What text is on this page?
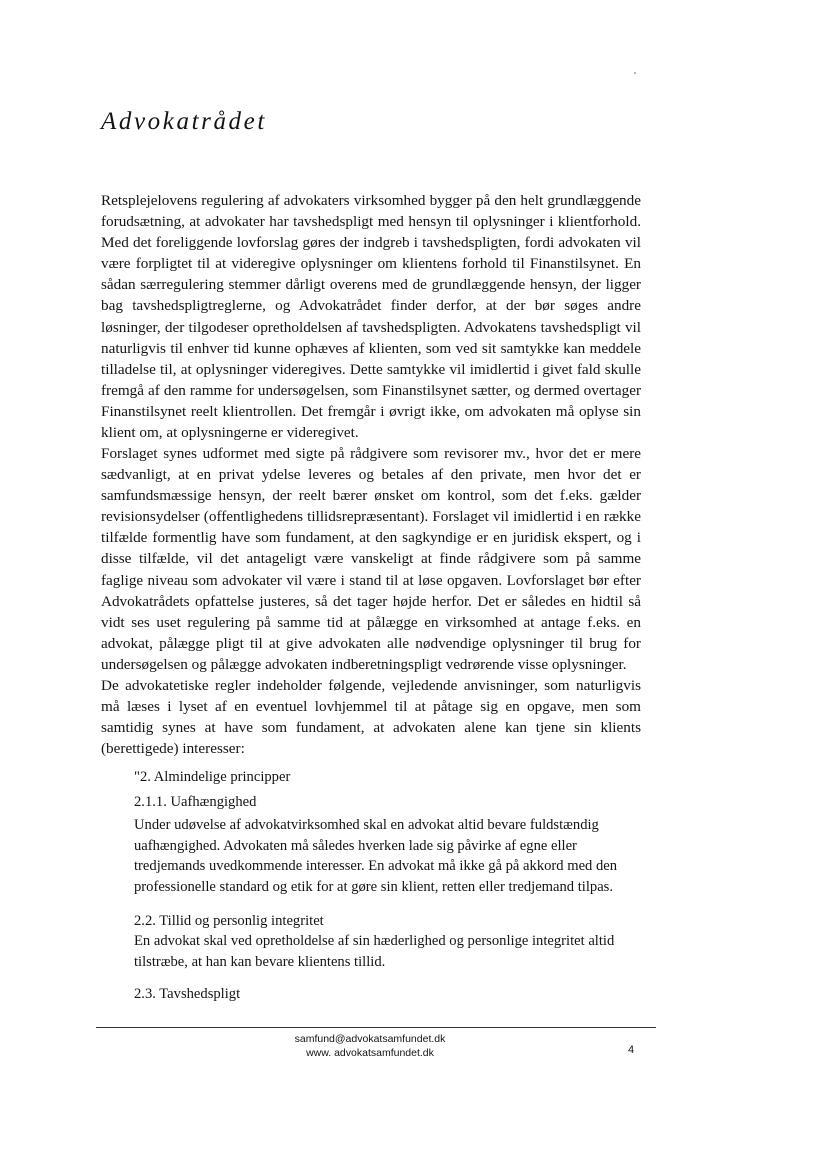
Advokatrådet

Retsplejelovens regulering af advokaters virksomhed bygger på den helt grundlæggende forudsætning, at advokater har tavshedspligt med hensyn til oplysninger i klientforhold. Med det foreliggende lovforslag gøres der indgreb i tavshedspligten, fordi advokaten vil være forpligtet til at videregive oplysninger om klientens forhold til Finanstilsynet. En sådan særregulering stemmer dårligt overens med de grundlæggende hensyn, der ligger bag tavshedspligtreglerne, og Advokatrådet finder derfor, at der bør søges andre løsninger, der tilgodeser opretholdelsen af tavshedspligten. Advokatens tavshedspligt vil naturligvis til enhver tid kunne ophæves af klienten, som ved sit samtykke kan meddele tilladelse til, at oplysninger videregives. Dette samtykke vil imidlertid i givet fald skulle fremgå af den ramme for undersøgelsen, som Finanstilsynet sætter, og dermed overtager Finanstilsynet reelt klientrollen. Det fremgår i øvrigt ikke, om advokaten må oplyse sin klient om, at oplysningerne er videregivet.

Forslaget synes udformet med sigte på rådgivere som revisorer mv., hvor det er mere sædvanligt, at en privat ydelse leveres og betales af den private, men hvor det er samfundsmæssige hensyn, der reelt bærer ønsket om kontrol, som det f.eks. gælder revisionsydelser (offentlighedens tillidsrepræsentant). Forslaget vil imidlertid i en række tilfælde formentlig have som fundament, at den sagkyndige er en juridisk ekspert, og i disse tilfælde, vil det antageligt være vanskeligt at finde rådgivere som på samme faglige niveau som advokater vil være i stand til at løse opgaven. Lovforslaget bør efter Advokatrådets opfattelse justeres, så det tager højde herfor. Det er således en hidtil så vidt ses uset regulering på samme tid at pålægge en virksomhed at antage f.eks. en advokat, pålægge pligt til at give advokaten alle nødvendige oplysninger til brug for undersøgelsen og pålægge advokaten indberetningspligt vedrørende visse oplysninger.

De advokatetiske regler indeholder følgende, vejledende anvisninger, som naturligvis må læses i lyset af en eventuel lovhjemmel til at påtage sig en opgave, men som samtidig synes at have som fundament, at advokaten alene kan tjene sin klients (berettigede) interesser:

"2. Almindelige principper

2.1.1. Uafhængighed

Under udøvelse af advokatvirksomhed skal en advokat altid bevare fuldstændig uafhængighed. Advokaten må således hverken lade sig påvirke af egne eller tredjemands uvedkommende interesser. En advokat må ikke gå på akkord med den professionelle standard og etik for at gøre sin klient, retten eller tredjemand tilpas.

2.2. Tillid og personlig integritet

En advokat skal ved opretholdelse af sin hæderlighed og personlige integritet altid tilstræbe, at han kan bevare klientens tillid.

2.3. Tavshedspligt

samfund@advokatsamfundet.dk

www. advokatsamfundet.dk	4
